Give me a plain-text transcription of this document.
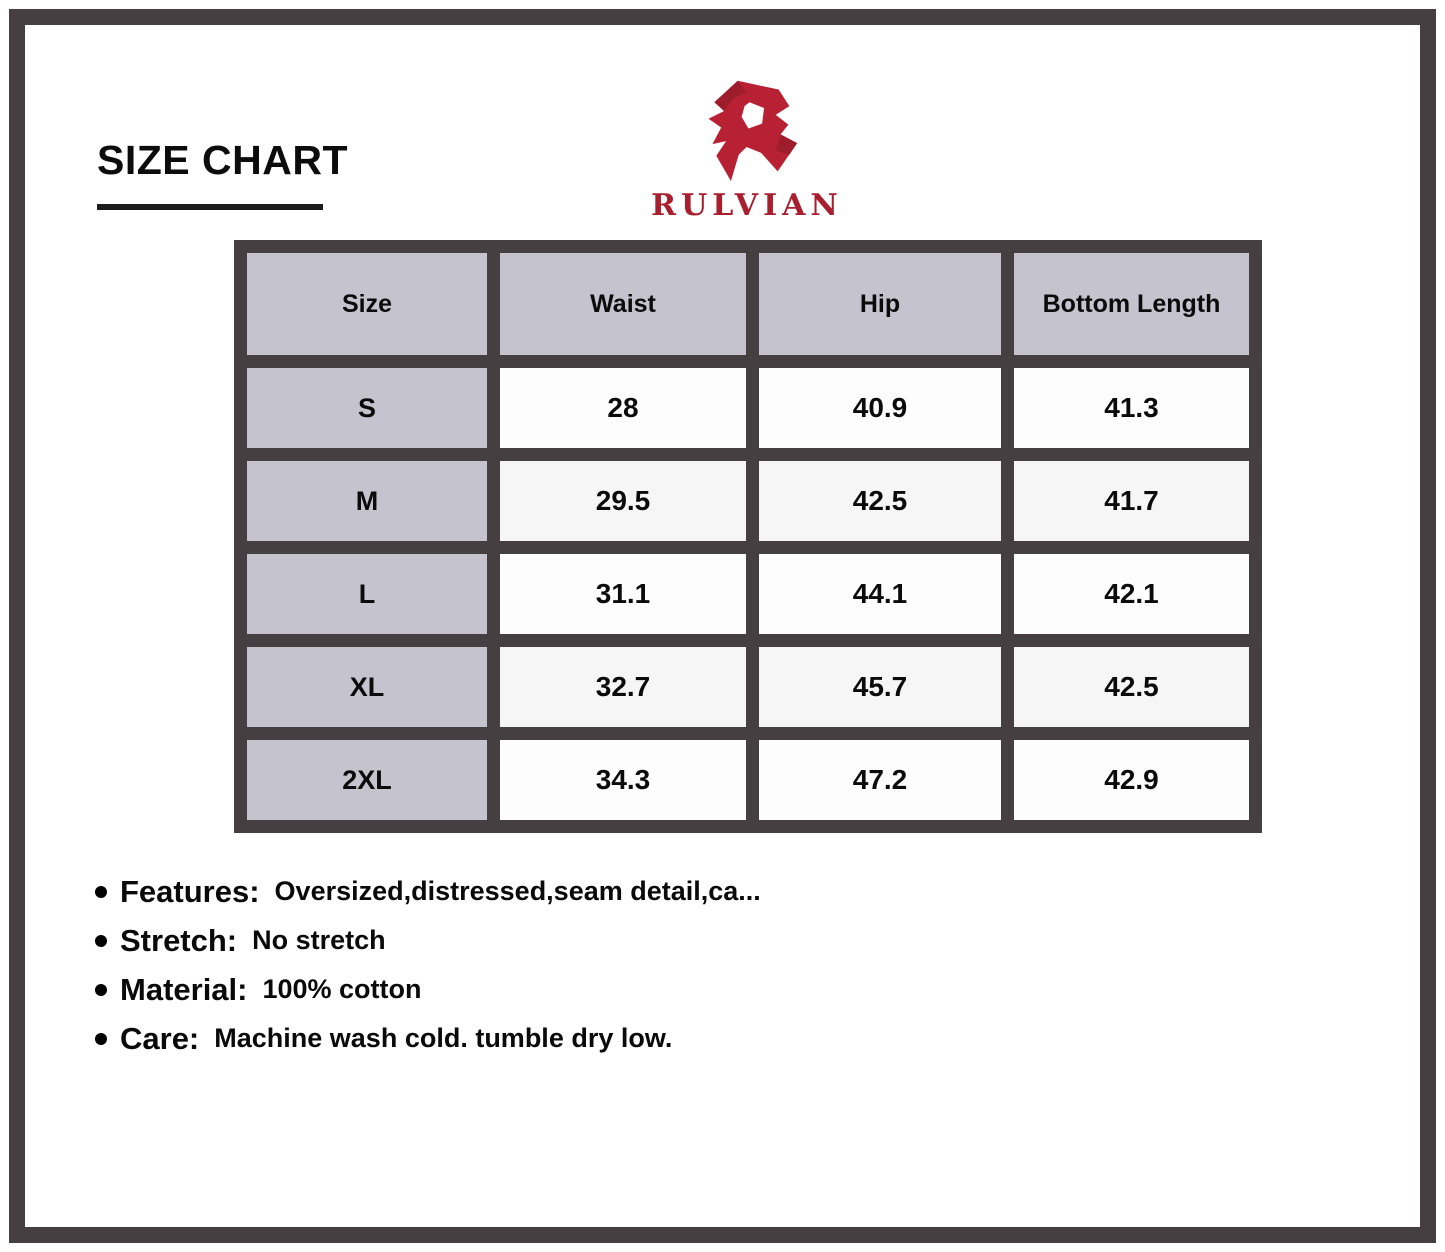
SIZE CHART
RULVIAN
Size	Waist	Hip	Bottom Length
S	28	40.9	41.3
M	29.5	42.5	41.7
L	31.1	44.1	42.1
XL	32.7	45.7	42.5
2XL	34.3	47.2	42.9
Features: Oversized,distressed,seam detail,ca...
Stretch: No stretch
Material: 100% cotton
Care: Machine wash cold. tumble dry low.
